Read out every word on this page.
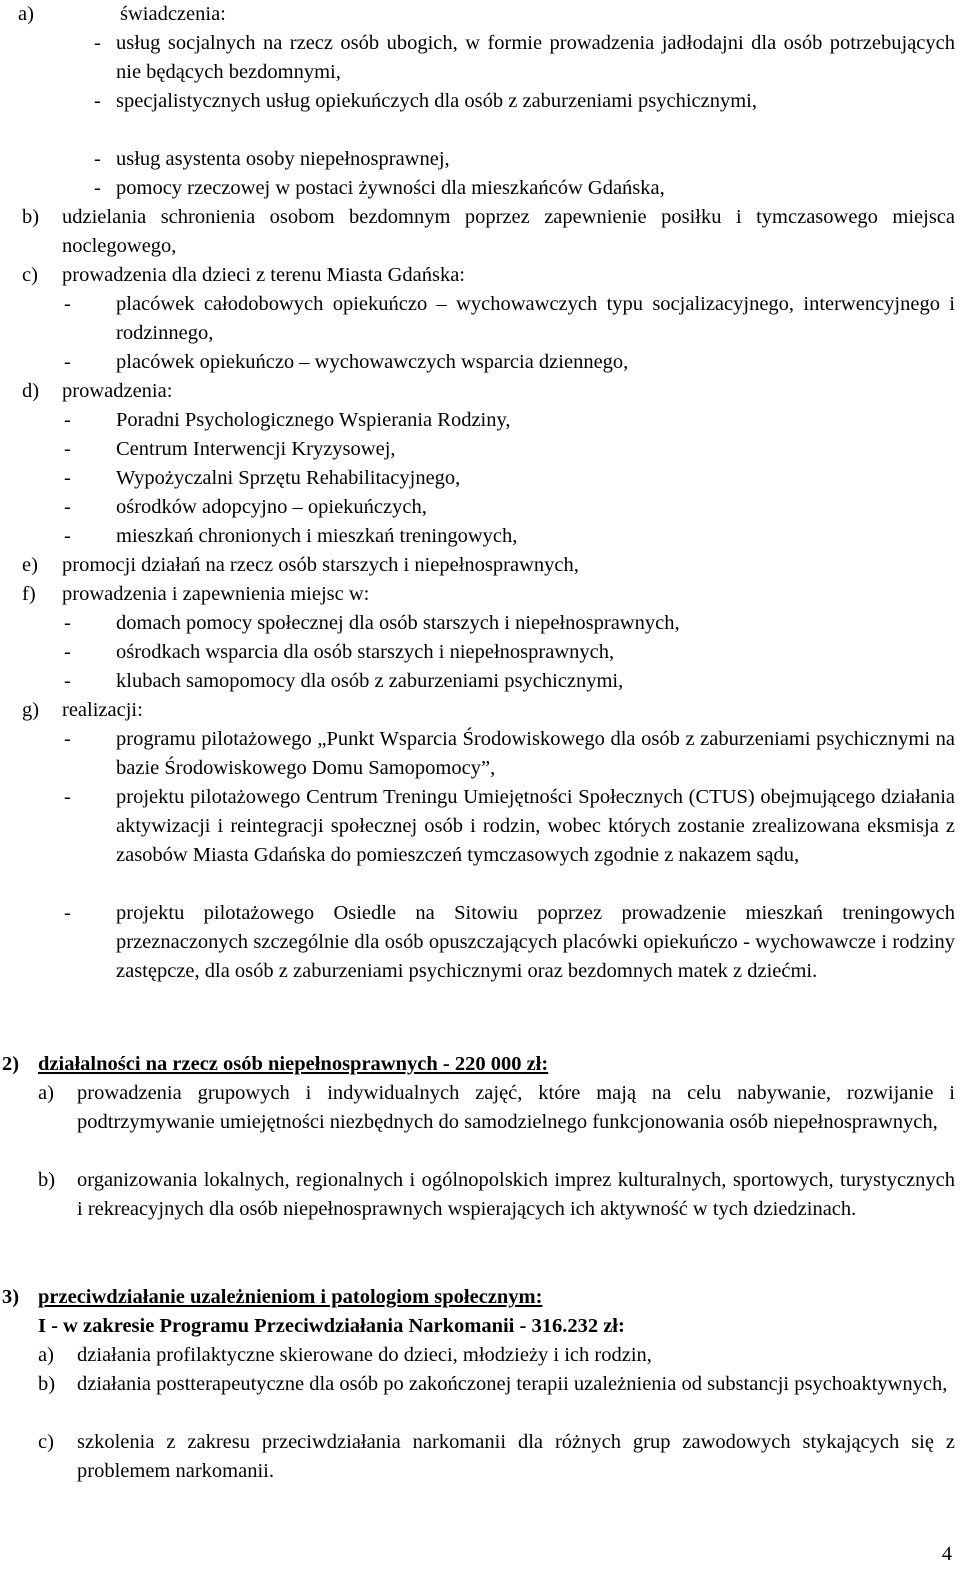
a)	świadczenia:
- usług socjalnych na rzecz osób ubogich, w formie prowadzenia jadłodajni dla osób potrzebujących nie będących bezdomnymi,
- specjalistycznych usług opiekuńczych dla osób z zaburzeniami psychicznymi,
- usług asystenta osoby niepełnosprawnej,
- pomocy rzeczowej w postaci żywności dla mieszkańców Gdańska,
b) udzielania schronienia osobom bezdomnym poprzez zapewnienie posiłku i tymczasowego miejsca noclegowego,
c) prowadzenia dla dzieci z terenu Miasta Gdańska:
- placówek całodobowych opiekuńczo – wychowawczych typu socjalizacyjnego, interwencyjnego i rodzinnego,
- placówek opiekuńczo – wychowawczych wsparcia dziennego,
d) prowadzenia:
- Poradni Psychologicznego Wspierania Rodziny,
- Centrum Interwencji Kryzysowej,
- Wypożyczalni Sprzętu Rehabilitacyjnego,
- ośrodków adopcyjno – opiekuńczych,
- mieszkań chronionych i mieszkań treningowych,
e) promocji działań na rzecz osób starszych i niepełnosprawnych,
f) prowadzenia i zapewnienia miejsc w:
- domach pomocy społecznej dla osób starszych i niepełnosprawnych,
- ośrodkach wsparcia dla osób starszych i niepełnosprawnych,
- klubach samopomocy dla osób z zaburzeniami psychicznymi,
g) realizacji:
- programu pilotażowego „Punkt Wsparcia Środowiskowego dla osób z zaburzeniami psychicznymi na bazie Środowiskowego Domu Samopomocy”,
- projektu pilotażowego Centrum Treningu Umiejętności Społecznych (CTUS) obejmującego działania aktywizacji i reintegracji społecznej osób i rodzin, wobec których zostanie zrealizowana eksmisja z zasobów Miasta Gdańska do pomieszczeń tymczasowych zgodnie z nakazem sądu,
- projektu pilotażowego Osiedle na Sitowiu poprzez prowadzenie mieszkań treningowych przeznaczonych szczególnie dla osób opuszczających placówki opiekuńczo - wychowawcze i rodziny zastępcze, dla osób z zaburzeniami psychicznymi oraz bezdomnych matek z dziećmi.
2) działalności na rzecz osób niepełnosprawnych - 220 000 zł:
a) prowadzenia grupowych i indywidualnych zajęć, które mają na celu nabywanie, rozwijanie i podtrzymywanie umiejętności niezbędnych do samodzielnego funkcjonowania osób niepełnosprawnych,
b) organizowania lokalnych, regionalnych i ogólnopolskich imprez kulturalnych, sportowych, turystycznych i rekreacyjnych dla osób niepełnosprawnych wspierających ich aktywność w tych dziedzinach.
3) przeciwdziałanie uzależnieniom i patologiom społecznym:
I - w zakresie Programu Przeciwdziałania Narkomanii - 316.232 zł:
a) działania profilaktyczne skierowane do dzieci, młodzieży i ich rodzin,
b) działania postterapeutyczne dla osób po zakończonej terapii uzależnienia od substancji psychoaktywnych,
c) szkolenia z zakresu przeciwdziałania narkomanii dla różnych grup zawodowych stykających się z problemem narkomanii.
4
